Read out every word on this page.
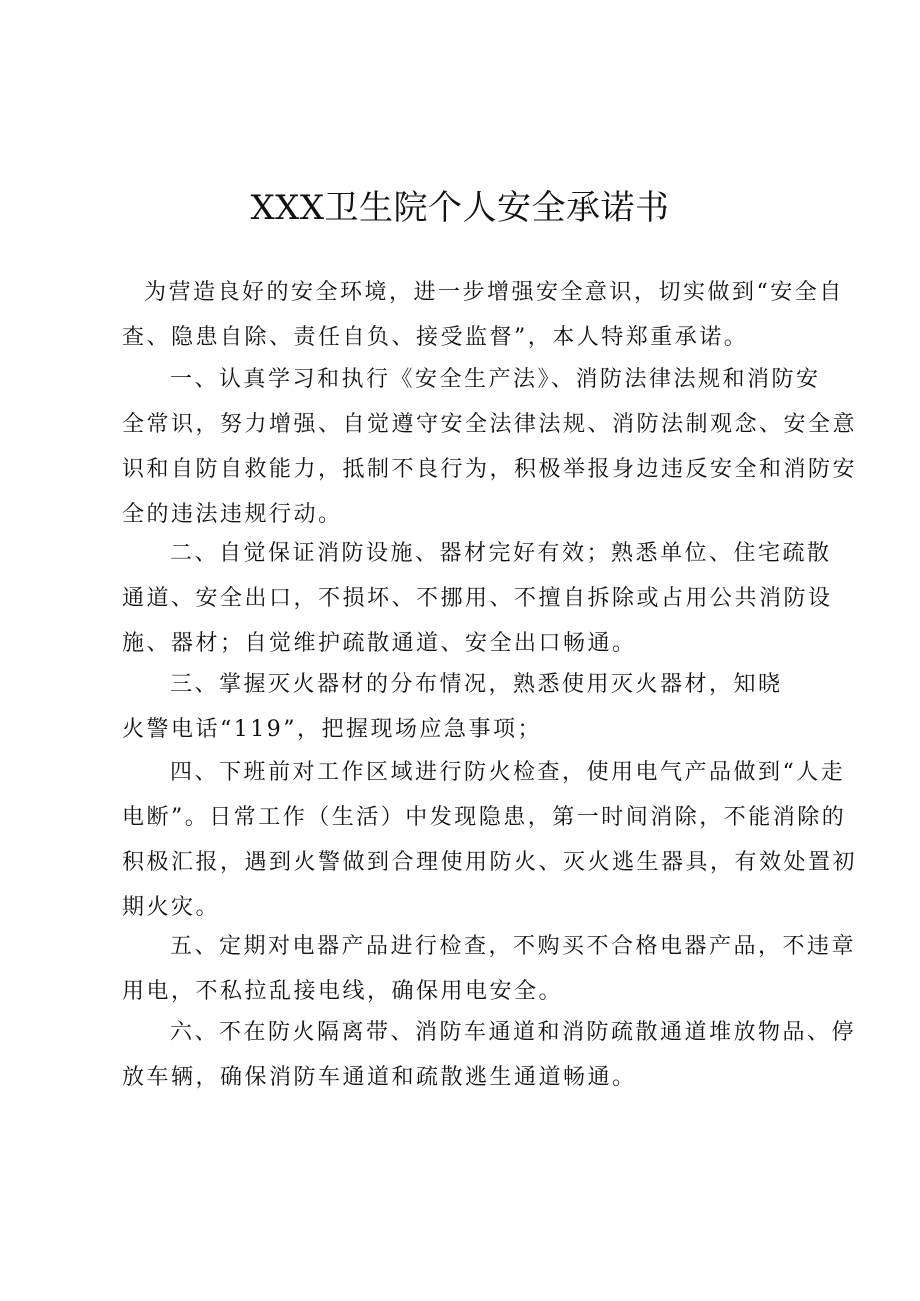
XXX卫生院个人安全承诺书
为营造良好的安全环境，进一步增强安全意识，切实做到“安全自
查、隐患自除、责任自负、接受监督”，本人特郑重承诺。
一、认真学习和执行《安全生产法》、消防法律法规和消防安
全常识，努力增强、自觉遵守安全法律法规、消防法制观念、安全意
识和自防自救能力，抵制不良行为，积极举报身边违反安全和消防安
全的违法违规行动。
二、自觉保证消防设施、器材完好有效；熟悉单位、住宅疏散
通道、安全出口，不损坏、不挪用、不擅自拆除或占用公共消防设
施、器材；自觉维护疏散通道、安全出口畅通。
三、掌握灭火器材的分布情况，熟悉使用灭火器材，知晓
火警电话“119”，把握现场应急事项；
四、下班前对工作区域进行防火检查，使用电气产品做到“人走
电断”。日常工作（生活）中发现隐患，第一时间消除，不能消除的
积极汇报，遇到火警做到合理使用防火、灭火逃生器具，有效处置初
期火灾。
五、定期对电器产品进行检查，不购买不合格电器产品，不违章
用电，不私拉乱接电线，确保用电安全。
六、不在防火隔离带、消防车通道和消防疏散通道堆放物品、停
放车辆，确保消防车通道和疏散逃生通道畅通。
